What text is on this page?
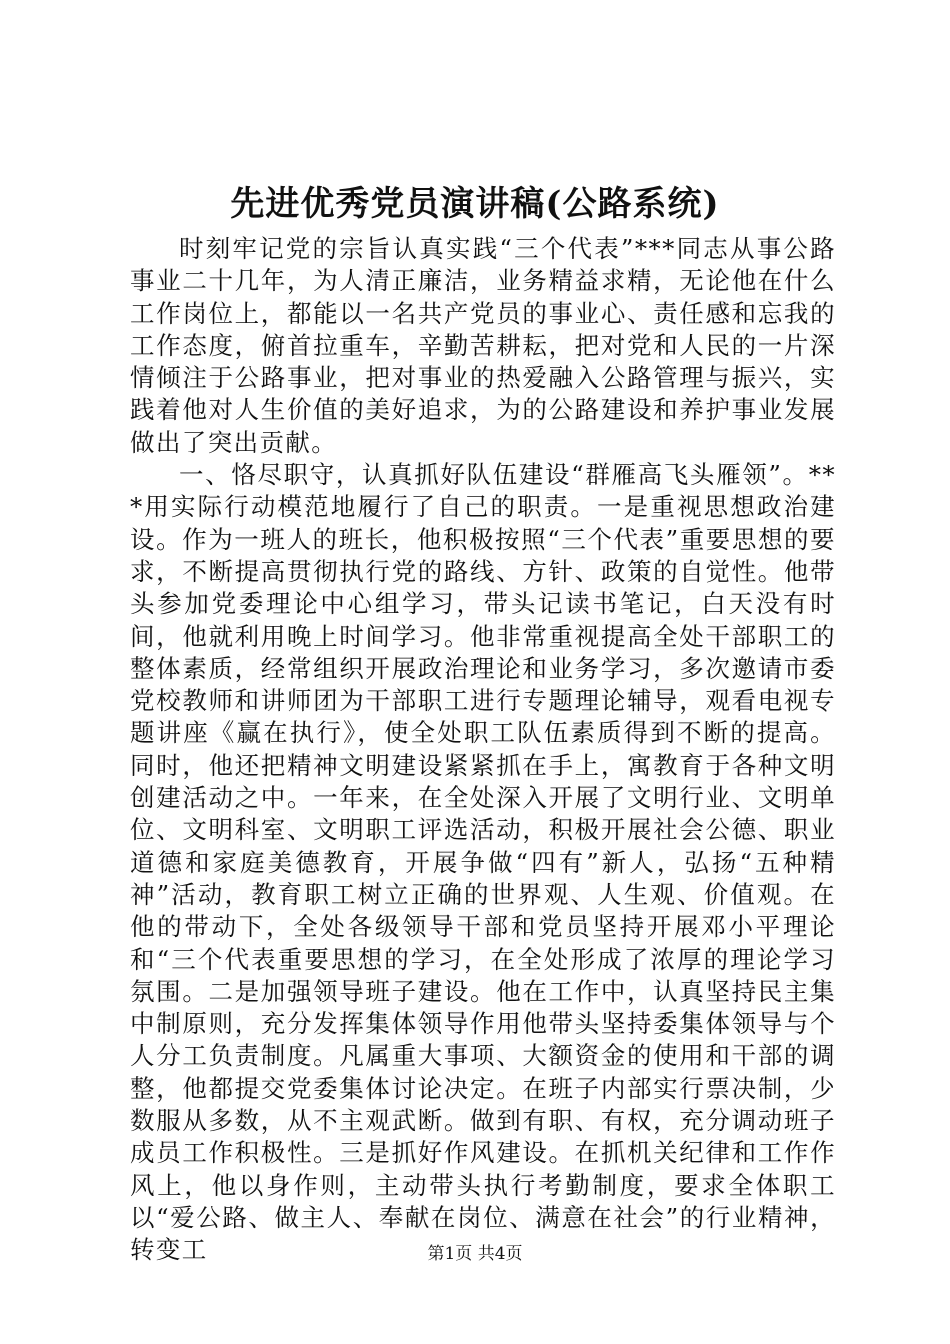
先进优秀党员演讲稿(公路系统)

时刻牢记党的宗旨认真实践“三个代表”***同志从事公路事业二十几年，为人清正廉洁，业务精益求精，无论他在什么工作岗位上，都能以一名共产党员的事业心、责任感和忘我的工作态度，俯首拉重车，辛勤苦耕耘，把对党和人民的一片深情倾注于公路事业，把对事业的热爱融入公路管理与振兴，实践着他对人生价值的美好追求，为的公路建设和养护事业发展做出了突出贡献。

一、恪尽职守，认真抓好队伍建设“群雁高飞头雁领”。***用实际行动模范地履行了自己的职责。一是重视思想政治建设。作为一班人的班长，他积极按照“三个代表”重要思想的要求，不断提高贯彻执行党的路线、方针、政策的自觉性。他带头参加党委理论中心组学习，带头记读书笔记，白天没有时间，他就利用晚上时间学习。他非常重视提高全处干部职工的整体素质，经常组织开展政治理论和业务学习，多次邀请市委党校教师和讲师团为干部职工进行专题理论辅导，观看电视专题讲座《赢在执行》，使全处职工队伍素质得到不断的提高。同时，他还把精神文明建设紧紧抓在手上，寓教育于各种文明创建活动之中。一年来，在全处深入开展了文明行业、文明单位、文明科室、文明职工评选活动，积极开展社会公德、职业道德和家庭美德教育，开展争做“四有”新人，弘扬“五种精神”活动，教育职工树立正确的世界观、人生观、价值观。在他的带动下，全处各级领导干部和党员坚持开展邓小平理论和“三个代表重要思想的学习，在全处形成了浓厚的理论学习氛围。二是加强领导班子建设。他在工作中，认真坚持民主集中制原则，充分发挥集体领导作用他带头坚持委集体领导与个人分工负责制度。凡属重大事项、大额资金的使用和干部的调整，他都提交党委集体讨论决定。在班子内部实行票决制，少数服从多数，从不主观武断。做到有职、有权，充分调动班子成员工作积极性。三是抓好作风建设。在抓机关纪律和工作作风上，他以身作则，主动带头执行考勤制度，要求全体职工以“爱公路、做主人、奉献在岗位、满意在社会”的行业精神，转变工	第1页 共4页
